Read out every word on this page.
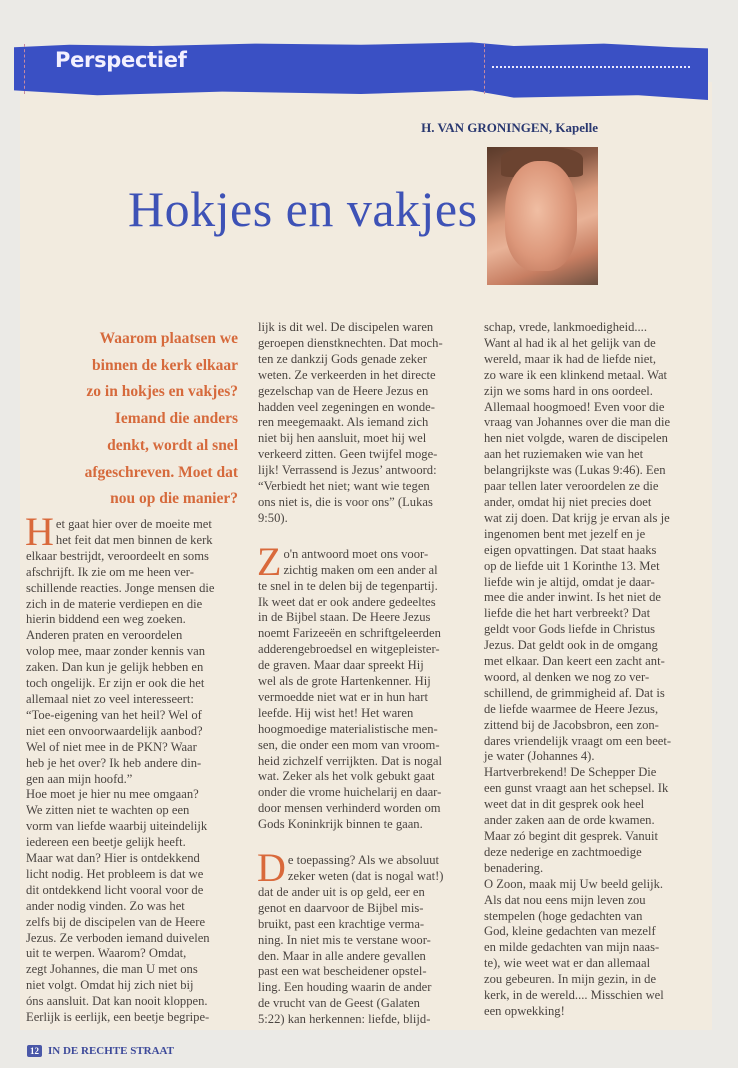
Perspectief
H. VAN GRONINGEN, Kapelle
Hokjes en vakjes
Waarom plaatsen we
binnen de kerk elkaar
zo in hokjes en vakjes?
Iemand die anders
denkt, wordt al snel
afgeschreven. Moet dat
nou op die manier?
H et gaat hier over de moeite met
het feit dat men binnen de kerk
elkaar bestrijdt, veroordeelt en soms
afschrijft. Ik zie om me heen ver-
schillende reacties. Jonge mensen die
zich in de materie verdiepen en die
hierin biddend een weg zoeken.
Anderen praten en veroordelen
volop mee, maar zonder kennis van
zaken. Dan kun je gelijk hebben en
toch ongelijk. Er zijn er ook die het
allemaal niet zo veel interesseert:
“Toe-eigening van het heil? Wel of
niet een onvoorwaardelijk aanbod?
Wel of niet mee in de PKN? Waar
heb je het over? Ik heb andere din-
gen aan mijn hoofd.”
Hoe moet je hier nu mee omgaan?
We zitten niet te wachten op een
vorm van liefde waarbij uiteindelijk
iedereen een beetje gelijk heeft.
Maar wat dan? Hier is ontdekkend
licht nodig. Het probleem is dat we
dit ontdekkend licht vooral voor de
ander nodig vinden. Zo was het
zelfs bij de discipelen van de Heere
Jezus. Ze verboden iemand duivelen
uit te werpen. Waarom? Omdat,
zegt Johannes, die man U met ons
niet volgt. Omdat hij zich niet bij
óns aansluit. Dat kan nooit kloppen.
Eerlijk is eerlijk, een beetje begripe-
lijk is dit wel. De discipelen waren
geroepen dienstknechten. Dat moch-
ten ze dankzij Gods genade zeker
weten. Ze verkeerden in het directe
gezelschap van de Heere Jezus en
hadden veel zegeningen en wonde-
ren meegemaakt. Als iemand zich
niet bij hen aansluit, moet hij wel
verkeerd zitten. Geen twijfel moge-
lijk! Verrassend is Jezus’ antwoord:
“Verbiedt het niet; want wie tegen
ons niet is, die is voor ons” (Lukas
9:50).
Z o'n antwoord moet ons voor-
zichtig maken om een ander al
te snel in te delen bij de tegenpartij.
Ik weet dat er ook andere gedeeltes
in de Bijbel staan. De Heere Jezus
noemt Farizeeën en schriftgeleerden
adderengebroedsel en witgepleister-
de graven. Maar daar spreekt Hij
wel als de grote Hartenkenner. Hij
vermoedde niet wat er in hun hart
leefde. Hij wist het! Het waren
hoogmoedige materialistische men-
sen, die onder een mom van vroom-
heid zichzelf verrijkten. Dat is nogal
wat. Zeker als het volk gebukt gaat
onder die vrome huichelarij en daar-
door mensen verhinderd worden om
Gods Koninkrijk binnen te gaan.
D e toepassing? Als we absoluut
zeker weten (dat is nogal wat!)
dat de ander uit is op geld, eer en
genot en daarvoor de Bijbel mis-
bruikt, past een krachtige verma-
ning. In niet mis te verstane woor-
den. Maar in alle andere gevallen
past een wat bescheidener opstel-
ling. Een houding waarin de ander
de vrucht van de Geest (Galaten
5:22) kan herkennen: liefde, blijd-
schap, vrede, lankmoedigheid....
Want al had ik al het gelijk van de
wereld, maar ik had de liefde niet,
zo ware ik een klinkend metaal. Wat
zijn we soms hard in ons oordeel.
Allemaal hoogmoed! Even voor die
vraag van Johannes over die man die
hen niet volgde, waren de discipelen
aan het ruziemaken wie van het
belangrijkste was (Lukas 9:46). Een
paar tellen later veroordelen ze die
ander, omdat hij niet precies doet
wat zij doen. Dat krijg je ervan als je
ingenomen bent met jezelf en je
eigen opvattingen. Dat staat haaks
op de liefde uit 1 Korinthe 13. Met
liefde win je altijd, omdat je daar-
mee die ander inwint. Is het niet de
liefde die het hart verbreekt? Dat
geldt voor Gods liefde in Christus
Jezus. Dat geldt ook in de omgang
met elkaar. Dan keert een zacht ant-
woord, al denken we nog zo ver-
schillend, de grimmigheid af. Dat is
de liefde waarmee de Heere Jezus,
zittend bij de Jacobsbron, een zon-
dares vriendelijk vraagt om een beet-
je water (Johannes 4).
Hartverbrekend! De Schepper Die
een gunst vraagt aan het schepsel. Ik
weet dat in dit gesprek ook heel
ander zaken aan de orde kwamen.
Maar zó begint dit gesprek. Vanuit
deze nederige en zachtmoedige
benadering.
O Zoon, maak mij Uw beeld gelijk.
Als dat nou eens mijn leven zou
stempelen (hoge gedachten van
God, kleine gedachten van mezelf
en milde gedachten van mijn naas-
te), wie weet wat er dan allemaal
zou gebeuren. In mijn gezin, in de
kerk, in de wereld.... Misschien wel
een opwekking!
12 IN DE RECHTE STRAAT
